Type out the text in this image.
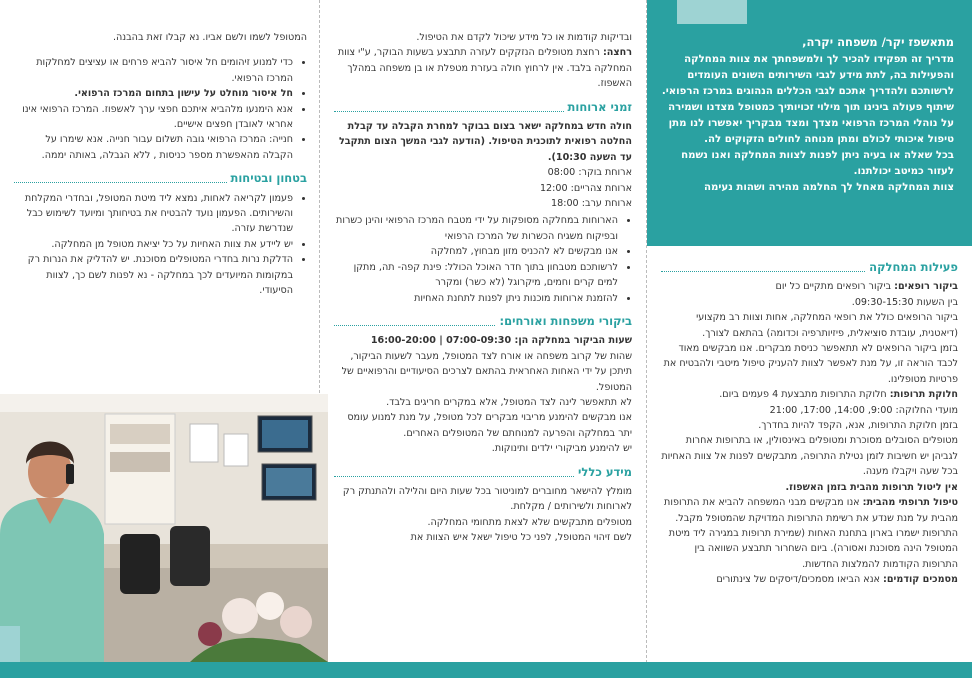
מתאשפז יקר/ משפחה יקרה,

מדריך זה תפקידו להכיר לך ולמשפחתך את צוות המחלקה והפעילות בה, לתת מידע לגבי השירותים השונים העומדים לרשותכם ולהדריך אתכם לגבי הכללים הנהוגים במרכז הרפואי.

שיתוף פעולה בינינו תוך מילוי זכויותיך כמטופל מצדנו ושמירה על נוהלי המרכז הרפואי מצדך ומצד מבקריך יאפשרו לנו מתן טיפול איכותי לכולם ומתן מנוחה לחולים הזקוקים לה.

בכל שאלה או בעיה ניתן לפנות לצוות המחלקה ואנו נשמח לעזור כמיטב יכולתנו.

צוות המחלקה מאחל לך החלמה מהירה ושהות נעימה

פעילות המחלקה

ביקור רופאים: ביקור רופאים מתקיים כל יום

בין השעות 09:30-15:30.

ביקור הרופאים כולל את רופאי המחלקה, אחות וצוות רב מקצועי (דיאטנית, עובדת סוציאלית, פיזיותרפיה וכדומה) בהתאם לצורך.

בזמן ביקור הרופאים לא תתאפשר כניסת מבקרים. אנו מבקשים מאוד לכבד הוראה זו, על מנת לאפשר לצוות להעניק טיפול מיטבי ולהבטיח את פרטיות מטופלינו.

חלוקת תרופות: חלוקת התרופות מתבצעת 4 פעמים ביום.

מועדי החלוקה: 9:00, 14:00, 17:00, 21:00

בזמן חלוקת התרופות, אנא, הקפד להיות בחדרך.

מטופלים הסובלים מסוכרת ומטופלים באינסולין, או בתרופות אחרות לגביהן יש חשיבות לזמן נטילת התרופה, מתבקשים לפנות אל צוות האחיות בכל שעה ויקבלו מענה.

אין ליטול תרופות מהבית בזמן האשפוז.

טיפול תרופתי מהבית: אנו מבקשים מבני המשפחה להביא את התרופות מהבית על מנת שנדע את רשימת התרופות המדויקת שהמטופל מקבל. התרופות ישמרו בארון בתחנת האחות (שמירת תרופות במגירה ליד מיטת המטופל הינה מסוכנת ואסורה). ביום השחרור תתבצע השוואה בין התרופות הקודמות להמלצות החדשות.

מסמכים קודמים: אנא הביאו מסמכים/דיסקים של צינתורים

ובדיקות קודמות או כל מידע שיכול לקדם את הטיפול.

רחצה: רחצת מטופלים הנזקקים לעזרה תתבצע בשעות הבוקר, ע"י צוות המחלקה בלבד. אין לרחוץ חולה בעזרת מטפלת או בן משפחה במהלך האשפוז.

זמני ארוחות

חולה חדש במחלקה ישאר בצום בבוקר למחרת הקבלה עד קבלת החלטה רפואית לתוכנית הטיפול. (הודעה לגבי המשך הצום תתקבל עד השעה 10:30).

ארוחת בוקר: 08:00

ארוחת צהריים: 12:00

ארוחת ערב: 18:00

• הארוחות במחלקה מסופקות על ידי מטבח המרכז הרפואי והינן כשרות ובפיקוח משגיח הכשרות של המרכז הרפואי
• אנו מבקשים לא להכניס מזון מבחוץ, למחלקה
• לרשותכם מטבחון בתוך חדר האוכל הכולל: פינת קפה- תה, מתקן למים קרים וחמים, מיקרוגל (לא כשר) ומקרר
• להזמנת ארוחות מוכנות ניתן לפנות לתחנת האחיות
ביקורי משפחות ואורחים:

שעות הביקור במחלקה הן: 07:00-09:30 | 16:00-20:00

שהות של קרוב משפחה או אורח לצד המטופל, מעבר לשעות הביקור, תיתכן על ידי האחות האחראית בהתאם לצרכים הסיעודיים והרפואיים של המטופל.

לא תתאפשר לינה לצד המטופל, אלא במקרים חריגים בלבד.

אנו מבקשים להימנע מריבוי מבקרים לכל מטופל, על מנת למנוע עומס יתר במחלקה והפרעה למנוחתם של המטופלים האחרים.

יש להימנע מביקורי ילדים ותינוקות.

מידע כללי

מומלץ להישאר מחוברים למוניטור בכל שעות היום והלילה ולהתנתק רק לארוחות ולשירותים / מקלחת.

מטופלים מתבקשים שלא לצאת מתחומי המחלקה.

לשם זיהוי המטופל, לפני כל טיפול ישאל איש הצוות את

המטופל לשמו ולשם אביו. נא קבלו זאת בהבנה.

• כדי למנוע זיהומים חל איסור להביא פרחים או עציצים למחלקות המרכז הרפואי.
• חל איסור מוחלט על עישון בתחום המרכז הרפואי.
• אנא הימנעו מלהביא איתכם חפצי ערך לאשפוז. המרכז הרפואי אינו אחראי לאובדן חפצים אישיים.
• חנייה: המרכז הרפואי גובה תשלום עבור חנייה. אנא שימרו על הקבלה מהאפשרת מספר כניסות , ללא הגבלה, באותה יממה.
בטחון ובטיחות
• פעמון לקריאה לאחות, נמצא ליד מיטת המטופל, ובחדרי המקלחת והשירותים. הפעמון נועד להבטיח את בטיחותך ומיועד לשימוש כבל שנדרשת עזרה.
• יש ליידע את צוות האחיות על כל יציאת מטופל מן המחלקה.
• הדלקת נרות בחדרי המטופלים מסוכנת. יש להדליק את הנרות רק במקומות המיועדים לכך במחלקה - נא לפנות לשם כך, לצוות הסיעודי.
